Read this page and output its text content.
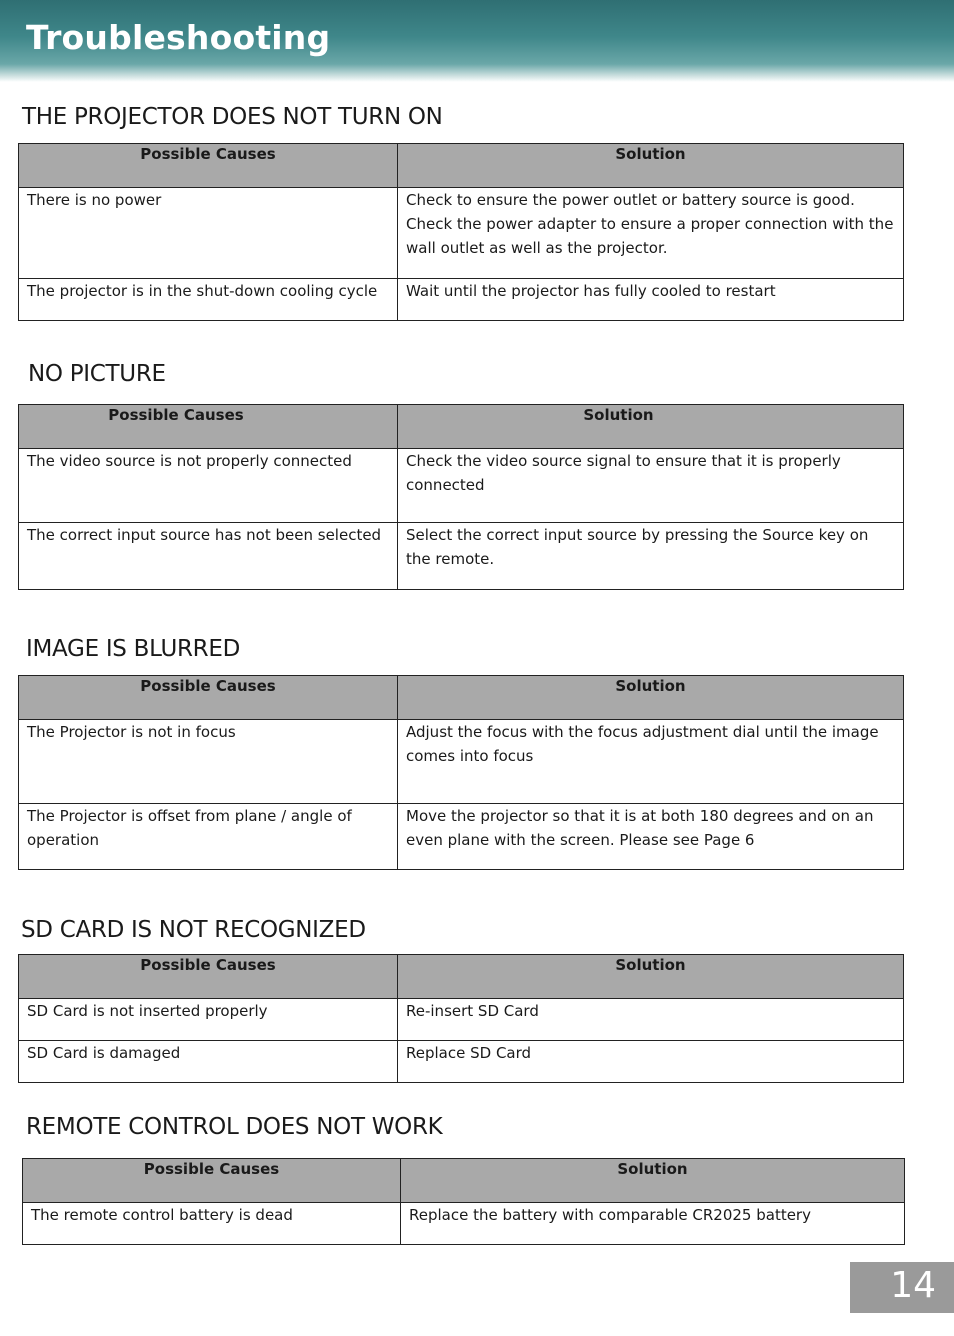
Troubleshooting
THE PROJECTOR DOES NOT TURN ON
Possible Causes	Solution
There is no power	Check to ensure the power outlet or battery source is good. Check the power adapter to ensure a proper connection with the wall outlet as well as the projector.
The projector is in the shut-down cooling cycle	Wait until the projector has fully cooled to restart
NO PICTURE
Possible Causes	Solution
The video source is not properly connected	Check the video source signal to ensure that it is properly connected
The correct input source has not been selected	Select the correct input source by pressing the Source key on the remote.
IMAGE IS BLURRED
Possible Causes	Solution
The Projector is not in focus	Adjust the focus with the focus adjustment dial until the image comes into focus
The Projector is offset from plane / angle of operation	Move the projector so that it is at both 180 degrees and on an even plane with the screen. Please see Page 6
SD CARD IS NOT RECOGNIZED
Possible Causes	Solution
SD Card is not inserted properly	Re-insert SD Card
SD Card is damaged	Replace SD Card
REMOTE CONTROL DOES NOT WORK
Possible Causes	Solution
The remote control battery is dead	Replace the battery with comparable CR2025 battery
14
